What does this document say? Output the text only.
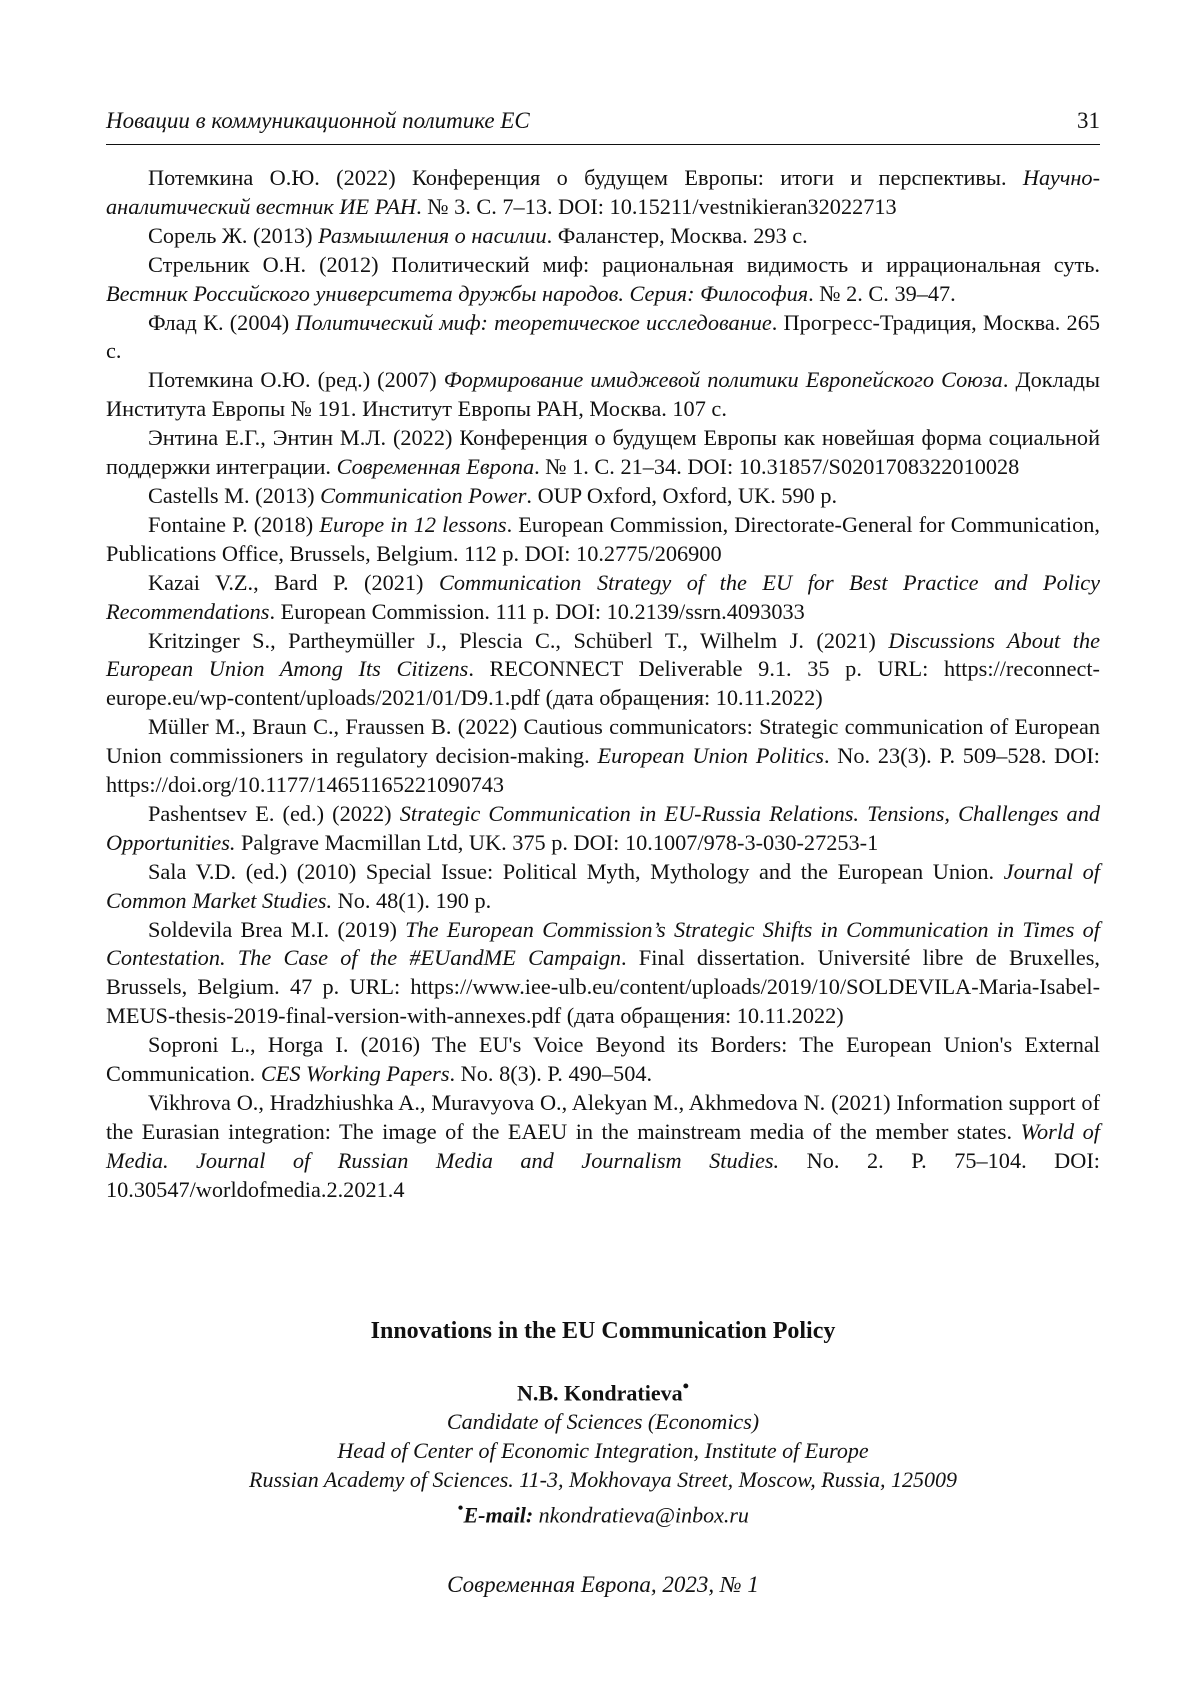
Новации в коммуникационной политике ЕС	31

Потемкина О.Ю. (2022) Конференция о будущем Европы: итоги и перспективы. Научно-аналитический вестник ИЕ РАН. № 3. С. 7–13. DOI: 10.15211/vestnikieran32022713

Сорель Ж. (2013) Размышления о насилии. Фаланстер, Москва. 293 с.

Стрельник О.Н. (2012) Политический миф: рациональная видимость и иррациональная суть. Вестник Российского университета дружбы народов. Серия: Философия. № 2. С. 39–47.

Флад К. (2004) Политический миф: теоретическое исследование. Прогресс-Традиция, Москва. 265 с.

Потемкина О.Ю. (ред.) (2007) Формирование имиджевой политики Европейского Союза. Доклады Института Европы № 191. Институт Европы РАН, Москва. 107 с.

Энтина Е.Г., Энтин М.Л. (2022) Конференция о будущем Европы как новейшая форма социальной поддержки интеграции. Современная Европа. № 1. С. 21–34. DOI: 10.31857/S0201708322010028

Castells M. (2013) Communication Power. OUP Oxford, Oxford, UK. 590 p.

Fontaine P. (2018) Europe in 12 lessons. European Commission, Directorate-General for Communication, Publications Office, Brussels, Belgium. 112 p. DOI: 10.2775/206900

Kazai V.Z., Bard P. (2021) Communication Strategy of the EU for Best Practice and Policy Recommendations. European Commission. 111 p. DOI: 10.2139/ssrn.4093033

Kritzinger S., Partheymüller J., Plescia C., Schüberl T., Wilhelm J. (2021) Discussions About the European Union Among Its Citizens. RECONNECT Deliverable 9.1. 35 p. URL: https://reconnect-europe.eu/wp-content/uploads/2021/01/D9.1.pdf (дата обращения: 10.11.2022)

Müller M., Braun C., Fraussen B. (2022) Cautious communicators: Strategic communication of European Union commissioners in regulatory decision-making. European Union Politics. No. 23(3). P. 509–528. DOI: https://doi.org/10.1177/14651165221090743

Pashentsev E. (ed.) (2022) Strategic Communication in EU-Russia Relations. Tensions, Challenges and Opportunities. Palgrave Macmillan Ltd, UK. 375 p. DOI: 10.1007/978-3-030-27253-1

Sala V.D. (ed.) (2010) Special Issue: Political Myth, Mythology and the European Union. Journal of Common Market Studies. No. 48(1). 190 p.

Soldevila Brea M.I. (2019) The European Commission’s Strategic Shifts in Communication in Times of Contestation. The Case of the #EUandME Campaign. Final dissertation. Université libre de Bruxelles, Brussels, Belgium. 47 p. URL: https://www.iee-ulb.eu/content/uploads/2019/10/SOLDEVILA-Maria-Isabel-MEUS-thesis-2019-final-version-with-annexes.pdf (дата обращения: 10.11.2022)

Soproni L., Horga I. (2016) The EU's Voice Beyond its Borders: The European Union's External Communication. CES Working Papers. No. 8(3). P. 490–504.

Vikhrova O., Hradzhiushka A., Muravyova O., Alekyan M., Akhmedova N. (2021) Information support of the Eurasian integration: The image of the EAEU in the mainstream media of the member states. World of Media. Journal of Russian Media and Journalism Studies. No. 2. P. 75–104. DOI: 10.30547/worldofmedia.2.2021.4

Innovations in the EU Communication Policy
N.B. Kondratieva•
Candidate of Sciences (Economics)
Head of Center of Economic Integration, Institute of Europe
Russian Academy of Sciences. 11-3, Mokhovaya Street, Moscow, Russia, 125009
•E-mail: nkondratieva@inbox.ru
Современная Европа, 2023, № 1
